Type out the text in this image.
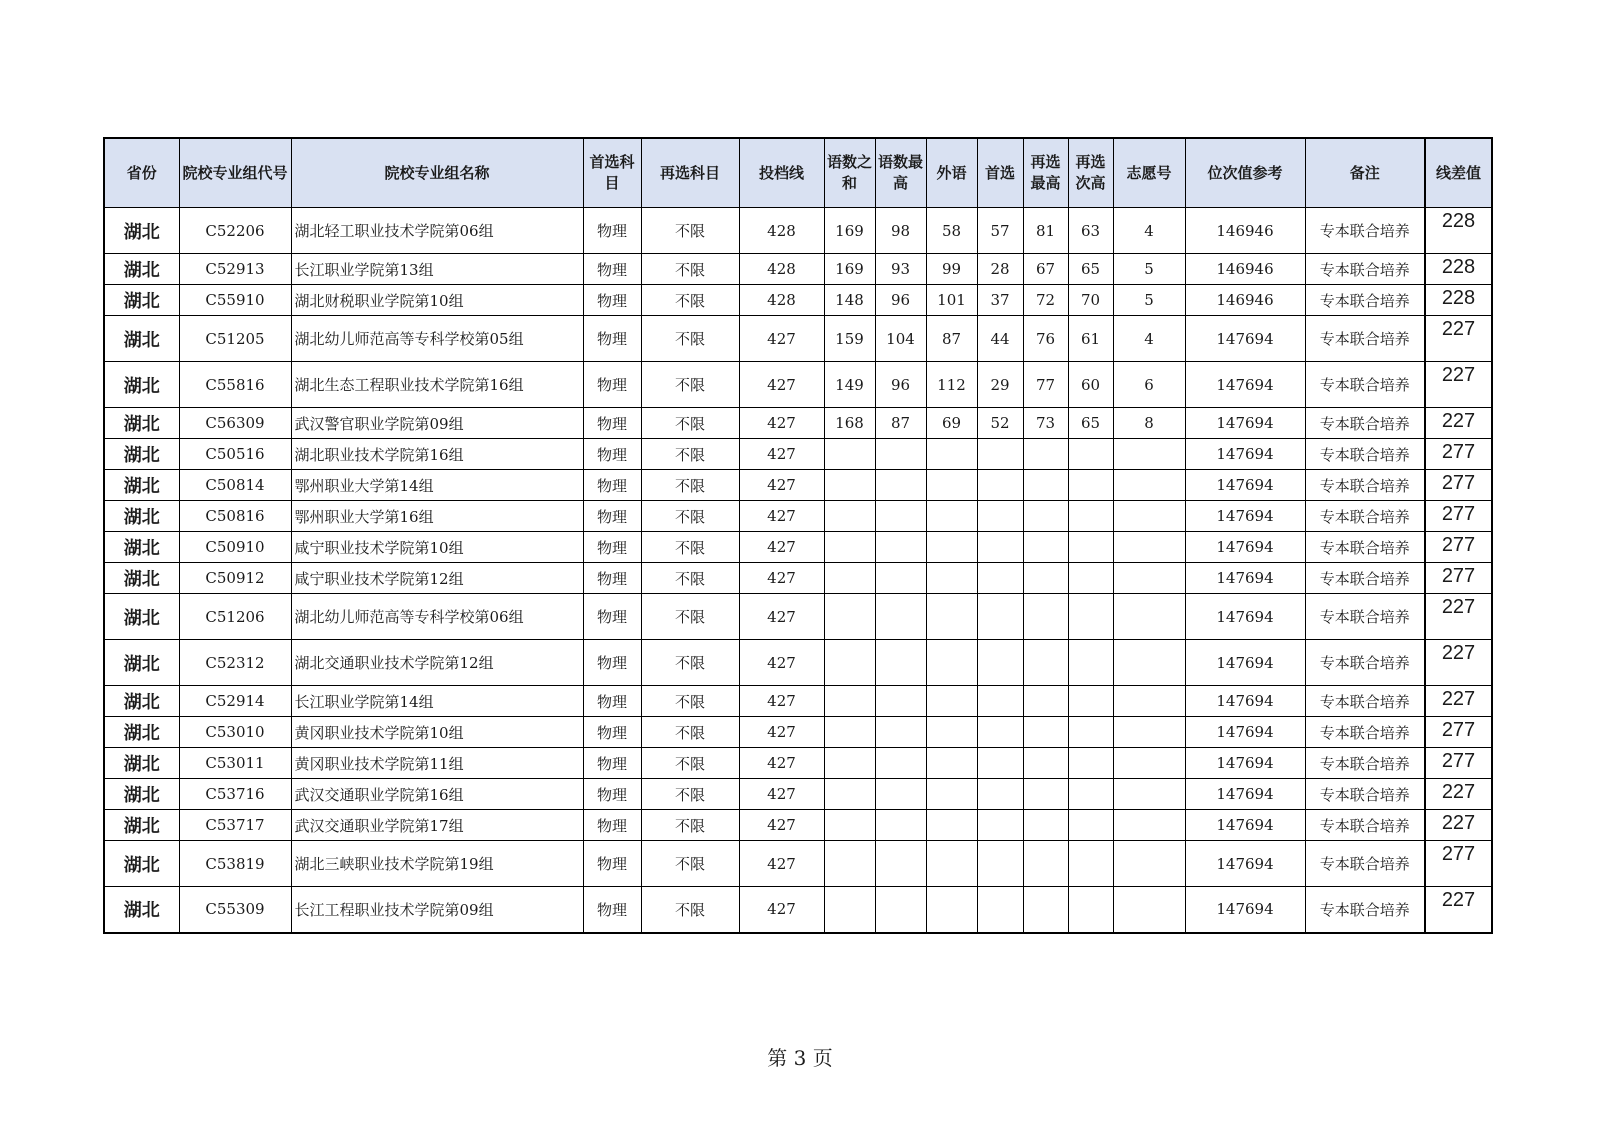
省份	院校专业组代号	院校专业组名称	首选科目	再选科目	投档线	语数之和	语数最高	外语	首选	再选最高	再选次高	志愿号	位次值参考	备注	线差值
湖北	C52206	湖北轻工职业技术学院第06组	物理	不限	428	169	98	58	57	81	63	4	146946	专本联合培养	228
湖北	C52913	长江职业学院第13组	物理	不限	428	169	93	99	28	67	65	5	146946	专本联合培养	228
湖北	C55910	湖北财税职业学院第10组	物理	不限	428	148	96	101	37	72	70	5	146946	专本联合培养	228
湖北	C51205	湖北幼儿师范高等专科学校第05组	物理	不限	427	159	104	87	44	76	61	4	147694	专本联合培养	227
湖北	C55816	湖北生态工程职业技术学院第16组	物理	不限	427	149	96	112	29	77	60	6	147694	专本联合培养	227
湖北	C56309	武汉警官职业学院第09组	物理	不限	427	168	87	69	52	73	65	8	147694	专本联合培养	227
湖北	C50516	湖北职业技术学院第16组	物理	不限	427								147694	专本联合培养	277
湖北	C50814	鄂州职业大学第14组	物理	不限	427								147694	专本联合培养	277
湖北	C50816	鄂州职业大学第16组	物理	不限	427								147694	专本联合培养	277
湖北	C50910	咸宁职业技术学院第10组	物理	不限	427								147694	专本联合培养	277
湖北	C50912	咸宁职业技术学院第12组	物理	不限	427								147694	专本联合培养	277
湖北	C51206	湖北幼儿师范高等专科学校第06组	物理	不限	427								147694	专本联合培养	227
湖北	C52312	湖北交通职业技术学院第12组	物理	不限	427								147694	专本联合培养	227
湖北	C52914	长江职业学院第14组	物理	不限	427								147694	专本联合培养	227
湖北	C53010	黄冈职业技术学院第10组	物理	不限	427								147694	专本联合培养	277
湖北	C53011	黄冈职业技术学院第11组	物理	不限	427								147694	专本联合培养	277
湖北	C53716	武汉交通职业学院第16组	物理	不限	427								147694	专本联合培养	227
湖北	C53717	武汉交通职业学院第17组	物理	不限	427								147694	专本联合培养	227
湖北	C53819	湖北三峡职业技术学院第19组	物理	不限	427								147694	专本联合培养	277
湖北	C55309	长江工程职业技术学院第09组	物理	不限	427								147694	专本联合培养	227
第 3 页
